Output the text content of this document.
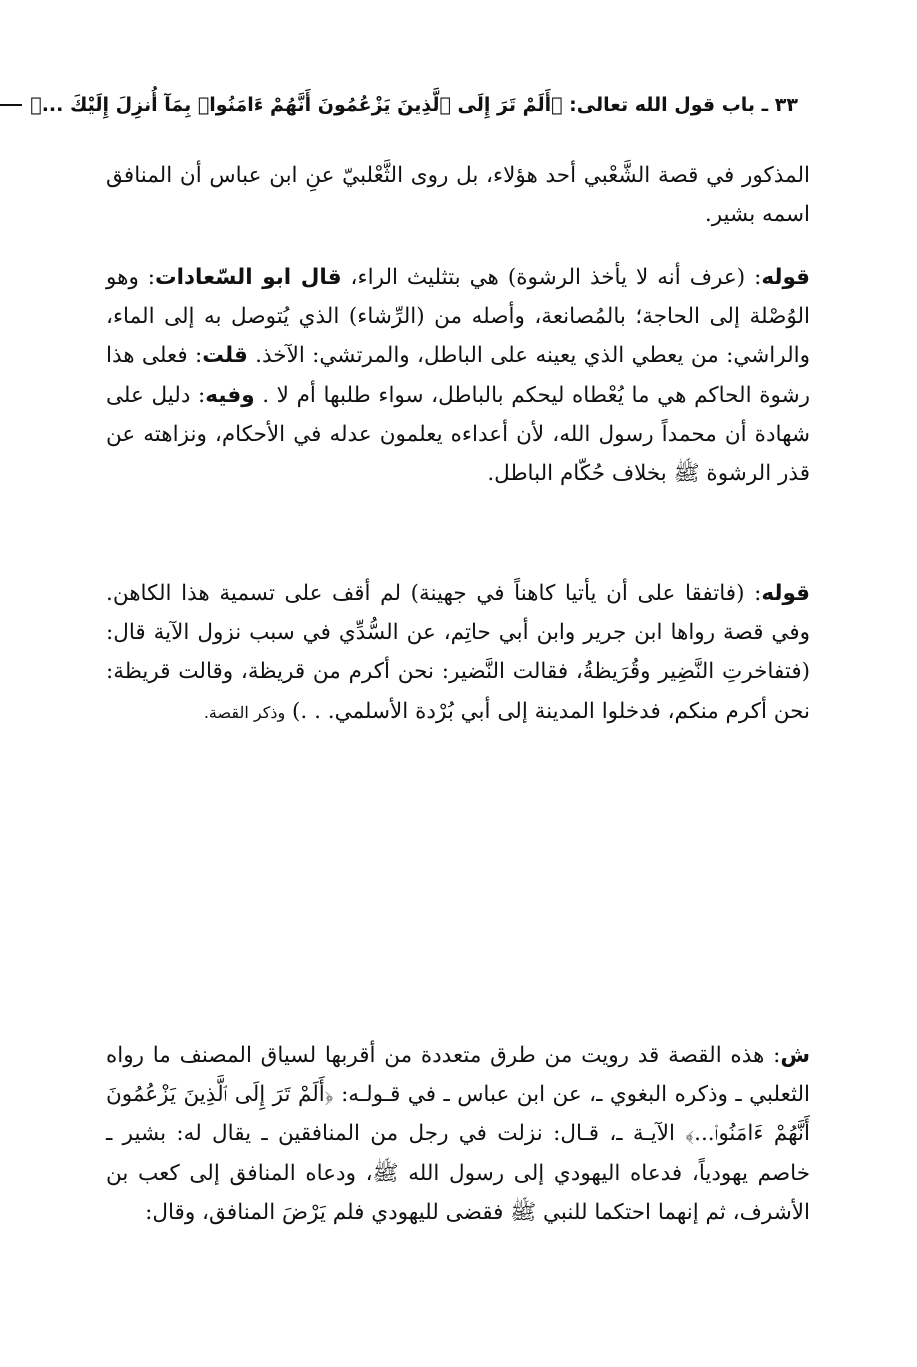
٣٣ ـ باب قول الله تعالى: ﴿أَلَمْ تَرَ إِلَى ٱلَّذِينَ يَزْعُمُونَ أَنَّهُمْ ءَامَنُوا۟ بِمَآ أُنزِلَ إِلَيْكَ ...﴾

المذكور في قصة الشَّعْبي أحد هؤلاء، بل روى الثَّعْلبيّ عنِ ابن عباس أن المنافق اسمه بشير.

قوله: (عرف أنه لا يأخذ الرشوة) هي بتثليث الراء، قال ابو السّعادات: وهو الوُصْلة إلى الحاجة؛ بالمُصانعة، وأصله من (الرِّشاء) الذي يُتوصل به إلى الماء، والراشي: من يعطي الذي يعينه على الباطل، والمرتشي: الآخذ. قلت: فعلى هذا رشوة الحاكم هي ما يُعْطاه ليحكم بالباطل، سواء طلبها أم لا . وفيه: دليل على شهادة أن محمداً رسول الله، لأن أعداءه يعلمون عدله في الأحكام، ونزاهته عن قذر الرشوة ﷺ بخلاف حُكّام الباطل.

قوله: (فاتفقا على أن يأتيا كاهناً في جهينة) لم أقف على تسمية هذا الكاهن. وفي قصة رواها ابن جرير وابن أبي حاتِم، عن السُّدِّي في سبب نزول الآية قال: (فتفاخرتِ النَّضِير وقُرَيظةُ، فقالت النَّضير: نحن أكرم من قريظة، وقالت قريظة: نحن أكرم منكم، فدخلوا المدينة إلى أبي بُرْدة الأسلمي. . .) وذكر القصة.

ش: هذه القصة قد رويت من طرق متعددة من أقربها لسياق المصنف ما رواه الثعلبي ـ وذكره البغوي ـ، عن ابن عباس ـ في قـولـه: ﴿أَلَمْ تَرَ إِلَى ٱلَّذِينَ يَزْعُمُونَ أَنَّهُمْ ءَامَنُوا۟...﴾ الآيـة ـ، قـال: نزلت في رجل من المنافقين ـ يقال له: بشير ـ خاصم يهودياً، فدعاه اليهودي إلى رسول الله ﷺ، ودعاه المنافق إلى كعب بن الأشرف، ثم إنهما احتكما للنبي ﷺ فقضى لليهودي فلم يَرْضَ المنافق، وقال:
